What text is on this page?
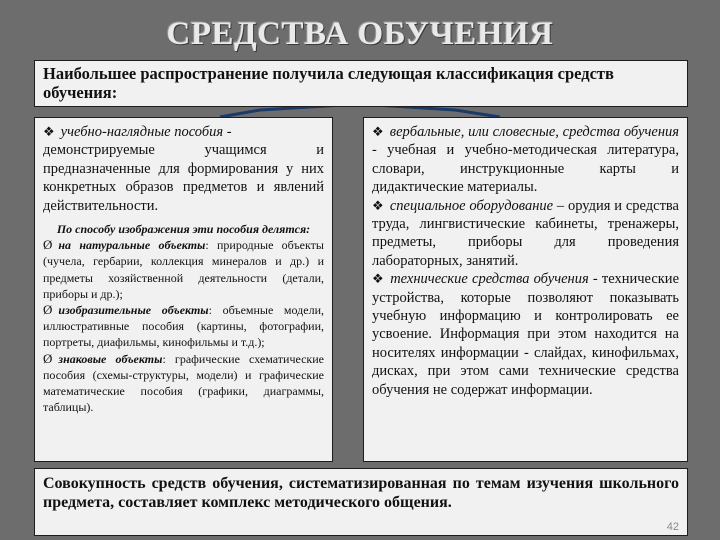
СРЕДСТВА ОБУЧЕНИЯ

Наибольшее распространение получила следующая классификация средств обучения:

❖ учебно-наглядные пособия -

демонстрируемые учащимся и предназначенные для формирования у них конкретных образов предметов и явлений действительности.

По способу изображения эти пособия делятся:

Ø на натуральные объекты: природные объекты (чучела, гербарии, коллекция минералов и др.) и предметы хозяйственной деятельности (детали, приборы и др.);

Ø изобразительные объекты: объемные модели, иллюстративные пособия (картины, фотографии, портреты, диафильмы, кинофильмы и т.д.);

Ø знаковые объекты: графические схематические пособия (схемы-структуры, модели) и графические математические пособия (графики, диаграммы, таблицы).

❖ вербальные, или словесные, средства обучения - учебная и учебно-методическая литература, словари, инструкционные карты и дидактические материалы.

❖ специальное оборудование – орудия и средства труда, лингвистические кабинеты, тренажеры, предметы, приборы для проведения лабораторных, занятий.

❖ технические средства обучения - технические устройства, которые позволяют показывать учебную информацию и контролировать ее усвоение. Информация при этом находится на носителях информации - слайдах, кинофильмах, дисках, при этом сами технические средства обучения не содержат информации.

Совокупность средств обучения, систематизированная по темам изучения школьного предмета, составляет комплекс методического общения.

42
